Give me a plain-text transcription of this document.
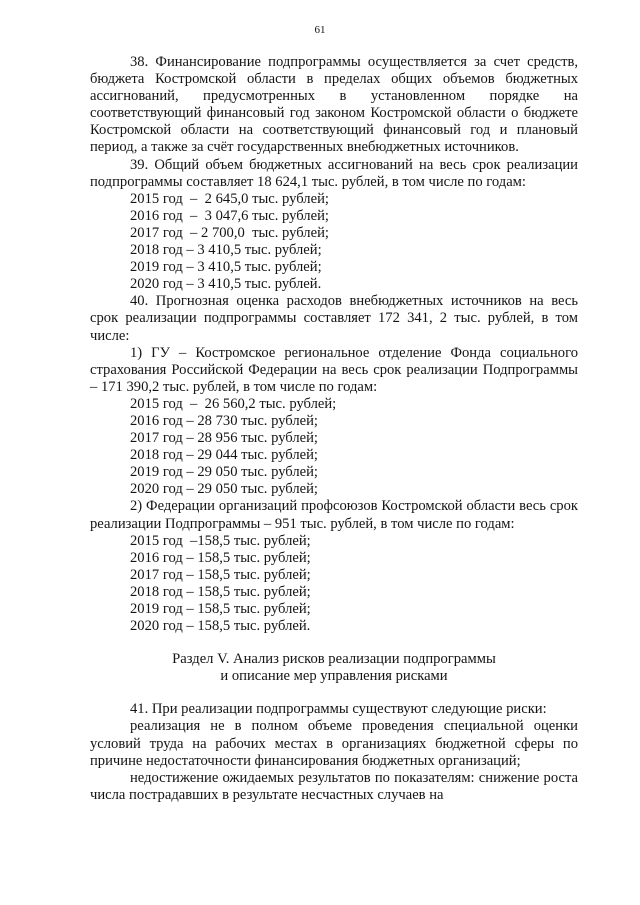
61

38. Финансирование подпрограммы осуществляется за счет средств, бюджета Костромской области в пределах общих объемов бюджетных ассигнований, предусмотренных в установленном порядке на соответствующий финансовый год законом Костромской области о бюджете Костромской области на соответствующий финансовый год и плановый период, а также за счёт государственных внебюджетных источников.

39. Общий объем бюджетных ассигнований на весь срок реализации подпрограммы составляет 18 624,1 тыс. рублей, в том числе по годам:

2015 год  –  2 645,0 тыс. рублей;

2016 год  –  3 047,6 тыс. рублей;

2017 год  – 2 700,0  тыс. рублей;

2018 год – 3 410,5 тыс. рублей;

2019 год – 3 410,5 тыс. рублей;

2020 год – 3 410,5 тыс. рублей.

40. Прогнозная оценка расходов внебюджетных источников на весь срок реализации подпрограммы составляет 172 341, 2 тыс. рублей, в том числе:

1) ГУ – Костромское региональное отделение Фонда социального страхования Российской Федерации на весь срок реализации Подпрограммы – 171 390,2 тыс. рублей, в том числе по годам:

2015 год  –  26 560,2 тыс. рублей;

2016 год – 28 730 тыс. рублей;

2017 год – 28 956 тыс. рублей;

2018 год – 29 044 тыс. рублей;

2019 год – 29 050 тыс. рублей;

2020 год – 29 050 тыс. рублей;

2) Федерации организаций профсоюзов Костромской области весь срок реализации Подпрограммы – 951 тыс. рублей, в том числе по годам:

2015 год  –158,5 тыс. рублей;

2016 год – 158,5 тыс. рублей;

2017 год – 158,5 тыс. рублей;

2018 год – 158,5 тыс. рублей;

2019 год – 158,5 тыс. рублей;

2020 год – 158,5 тыс. рублей.

Раздел V. Анализ рисков реализации подпрограммы
и описание мер управления рисками

41. При реализации подпрограммы существуют следующие риски:

реализация не в полном объеме проведения специальной оценки условий труда на рабочих местах в организациях бюджетной сферы по причине недостаточности финансирования бюджетных организаций;

недостижение ожидаемых результатов по показателям: снижение роста числа пострадавших в результате несчастных случаев на
